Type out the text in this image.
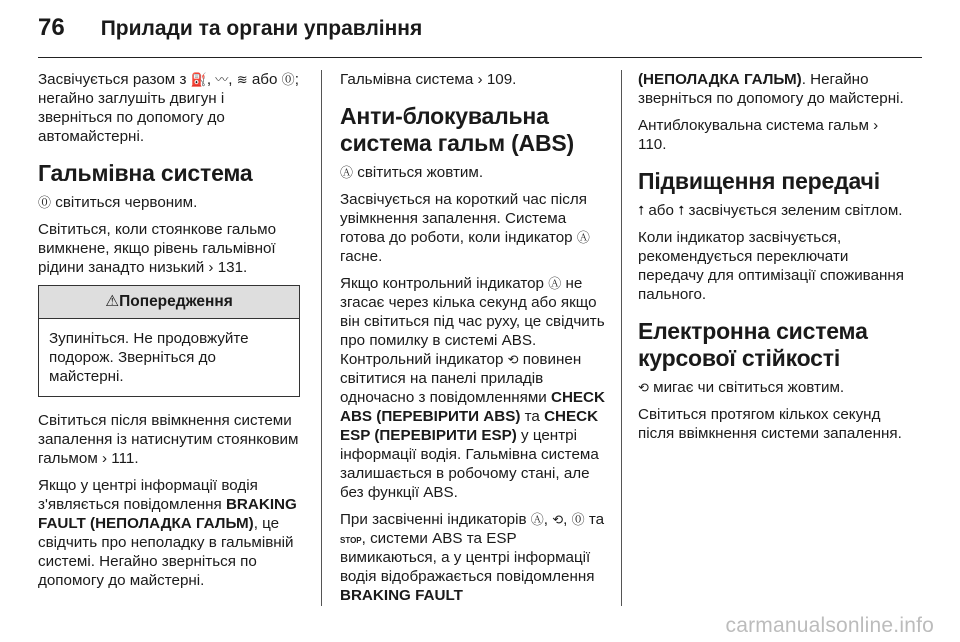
76 Прилади та органи управління

Засвічується разом з ⛽, 〰, ≋ або ⓪; негайно заглушіть двигун і зверніться по допомогу до автомайстерні.

Гальмівна система

⓪ світиться червоним.

Світиться, коли стоянкове гальмо вимкнене, якщо рівень гальмівної рідини занадто низький › 131.

⚠Попередження
Зупиніться. Не продовжуйте подорож. Зверніться до майстерні.

Світиться після ввімкнення системи запалення із натиснутим стоянковим гальмом › 111.

Якщо у центрі інформації водія з'являється повідомлення BRAKING FAULT (НЕПОЛАДКА ГАЛЬМ), це свідчить про неполадку в гальмівній системі. Негайно зверніться по допомогу до майстерні.

Гальмівна система › 109.

Анти-блокувальна система гальм (ABS)

Ⓐ світиться жовтим.

Засвічується на короткий час після увімкнення запалення. Система готова до роботи, коли індикатор Ⓐ гасне.

Якщо контрольний індикатор Ⓐ не згасає через кілька секунд або якщо він світиться під час руху, це свідчить про помилку в системі ABS. Контрольний індикатор ⟲ повинен світитися на панелі приладів одночасно з повідомленнями CHECK ABS (ПЕРЕВІРИТИ ABS) та CHECK ESP (ПЕРЕВІРИТИ ESP) у центрі інформації водія. Гальмівна система залишається в робочому стані, але без функції ABS.

При засвіченні індикаторів Ⓐ, ⟲, ⓪ та STOP, системи ABS та ESP вимикаються, а у центрі інформації водія відображається повідомлення BRAKING FAULT

(НЕПОЛАДКА ГАЛЬМ). Негайно зверніться по допомогу до майстерні.

Антиблокувальна система гальм › 110.

Підвищення передачі

⭡ або ⭡ засвічується зеленим світлом.

Коли індикатор засвічується, рекомендується переключати передачу для оптимізації споживання пального.

Електронна система курсової стійкості

⟲ мигає чи світиться жовтим.

Світиться протягом кількох секунд після ввімкнення системи запалення.

carmanualsonline.info
